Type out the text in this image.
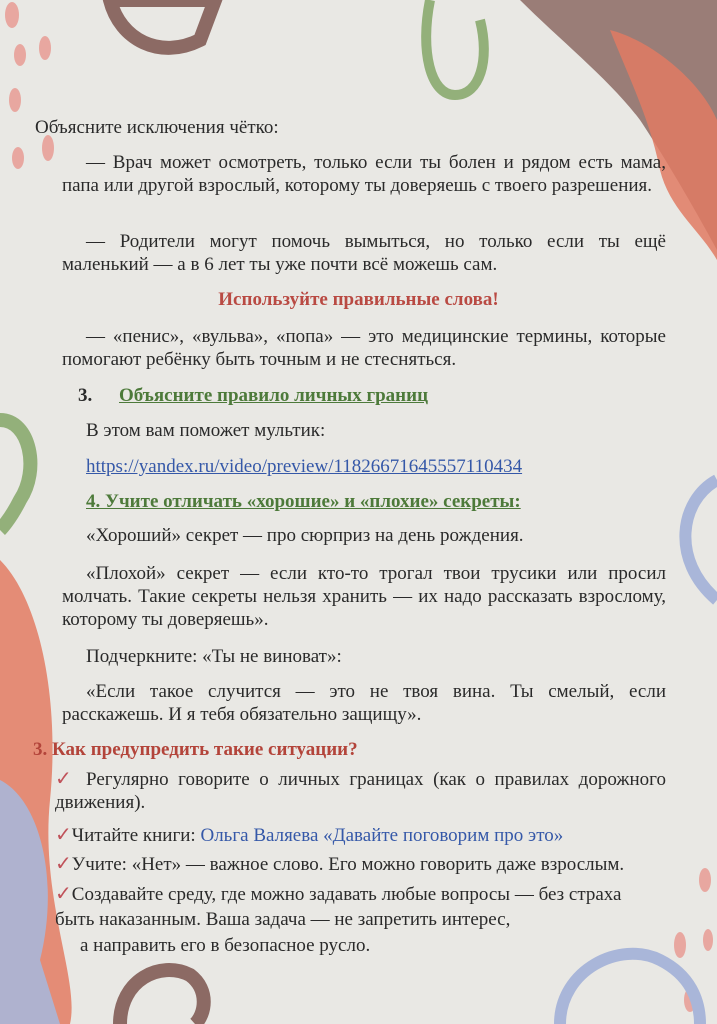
Объясните исключения чётко:

— Врач может осмотреть, только если ты болен и рядом есть мама, папа или другой взрослый, которому ты доверяешь с твоего разрешения.

— Родители могут помочь вымыться, но только если ты ещё маленький — а в 6 лет ты уже почти всё можешь сам.

Используйте правильные слова!

— «пенис», «вульва», «попа» — это медицинские термины, которые помогают ребёнку быть точным и не стесняться.

3. Объясните правило личных границ

В этом вам поможет мультик:

https://yandex.ru/video/preview/11826671645557110434

4. Учите отличать «хорошие» и «плохие» секреты:

«Хороший» секрет — про сюрприз на день рождения.

«Плохой» секрет — если кто-то трогал твои трусики или просил молчать. Такие секреты нельзя хранить — их надо рассказать взрослому, которому ты доверяешь».

Подчеркните: «Ты не виноват»:

«Если такое случится — это не твоя вина. Ты смелый, если расскажешь. И я тебя обязательно защищу».

3. Как предупредить такие ситуации?

✓ Регулярно говорите о личных границах (как о правилах дорожного движения).

✓Читайте книги: Ольга Валяева «Давайте поговорим про это»

✓Учите: «Нет» — важное слово. Его можно говорить даже взрослым.

✓Создавайте среду, где можно задавать любые вопросы — без страха

быть наказанным. Ваша задача — не запретить интерес,

а направить его в безопасное русло.
